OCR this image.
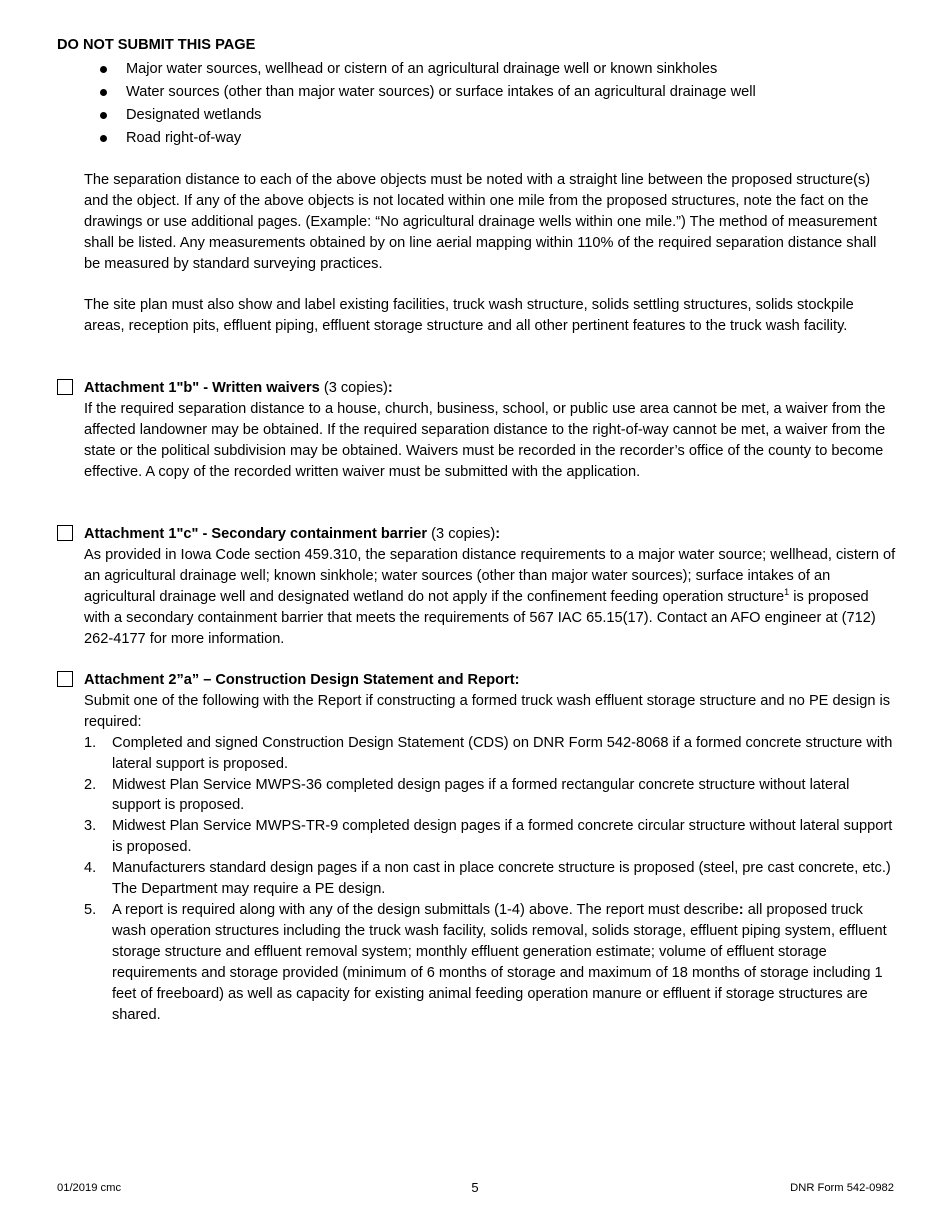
DO NOT SUBMIT THIS PAGE
Major water sources, wellhead or cistern of an agricultural drainage well or known sinkholes
Water sources (other than major water sources) or surface intakes of an agricultural drainage well
Designated wetlands
Road right-of-way

The separation distance to each of the above objects must be noted with a straight line between the proposed structure(s) and the object. If any of the above objects is not located within one mile from the proposed structures, note the fact on the drawings or use additional pages. (Example: “No agricultural drainage wells within one mile.”) The method of measurement shall be listed. Any measurements obtained by on line aerial mapping within 110% of the required separation distance shall be measured by standard surveying practices.

The site plan must also show and label existing facilities, truck wash structure, solids settling structures, solids stockpile areas, reception pits, effluent piping, effluent storage structure and all other pertinent features to the truck wash facility.

Attachment 1"b" - Written waivers (3 copies):
If the required separation distance to a house, church, business, school, or public use area cannot be met, a waiver from the affected landowner may be obtained. If the required separation distance to the right-of-way cannot be met, a waiver from the state or the political subdivision may be obtained. Waivers must be recorded in the recorder’s office of the county to become effective. A copy of the recorded written waiver must be submitted with the application.
Attachment 1"c" - Secondary containment barrier (3 copies):
As provided in Iowa Code section 459.310, the separation distance requirements to a major water source; wellhead, cistern of an agricultural drainage well; known sinkhole; water sources (other than major water sources); surface intakes of an agricultural drainage well and designated wetland do not apply if the confinement feeding operation structure$^1$ is proposed with a secondary containment barrier that meets the requirements of 567 IAC 65.15(17). Contact an AFO engineer at (712) 262-4177 for more information.
Attachment 2”a” – Construction Design Statement and Report:
Submit one of the following with the Report if constructing a formed truck wash effluent storage structure and no PE design is required:
1. Completed and signed Construction Design Statement (CDS) on DNR Form 542-8068 if a formed concrete structure with lateral support is proposed.
2. Midwest Plan Service MWPS-36 completed design pages if a formed rectangular concrete structure without lateral support is proposed.
3. Midwest Plan Service MWPS-TR-9 completed design pages if a formed concrete circular structure without lateral support is proposed.
4. Manufacturers standard design pages if a non cast in place concrete structure is proposed (steel, pre cast concrete, etc.) The Department may require a PE design.
5. A report is required along with any of the design submittals (1-4) above. The report must describe: all proposed truck wash operation structures including the truck wash facility, solids removal, solids storage, effluent piping system, effluent storage structure and effluent removal system; monthly effluent generation estimate; volume of effluent storage requirements and storage provided (minimum of 6 months of storage and maximum of 18 months of storage including 1 feet of freeboard) as well as capacity for existing animal feeding operation manure or effluent if storage structures are shared.
01/2019 cmc	5	DNR Form 542-0982
